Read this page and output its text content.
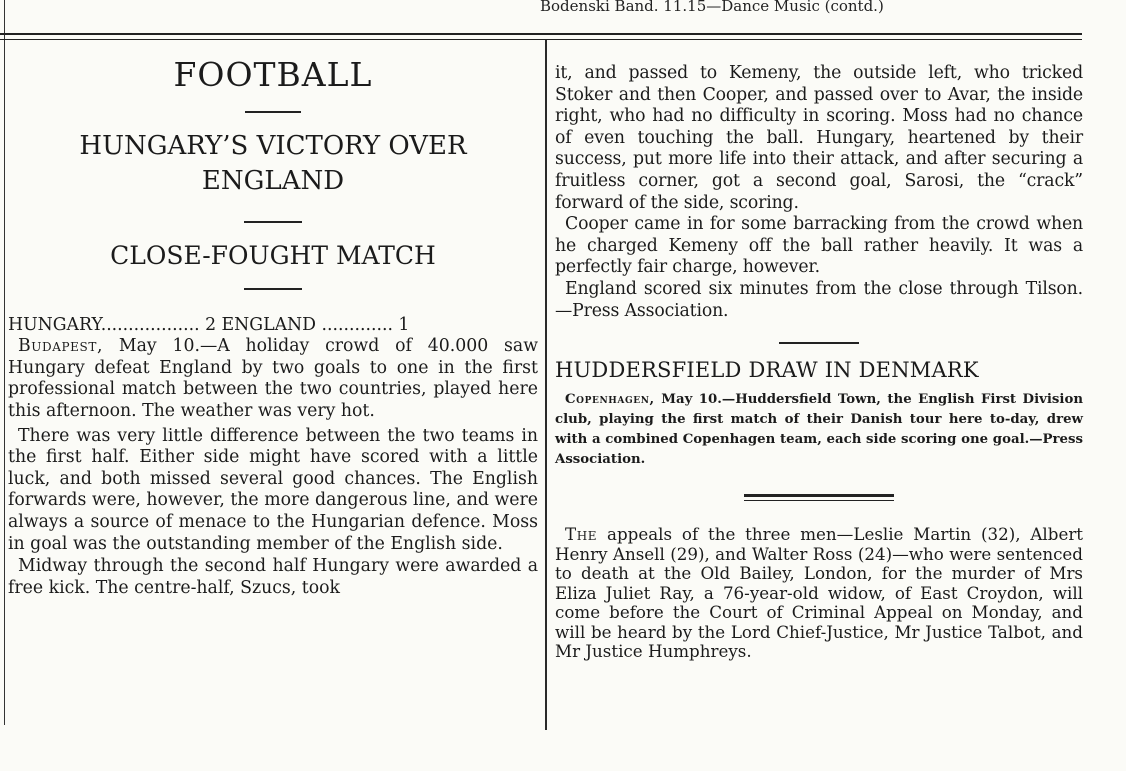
Bodenski Band. 11.15—Dance Music (contd.)
FOOTBALL
HUNGARY’S VICTORY OVER
ENGLAND
CLOSE-FOUGHT MATCH
HUNGARY.................. 2 ENGLAND ............. 1

Budapest, May 10.—A holiday crowd of 40.000 saw Hungary defeat England by two goals to one in the first professional match between the two countries, played here this afternoon. The weather was very hot.

There was very little difference between the two teams in the first half. Either side might have scored with a little luck, and both missed several good chances. The English forwards were, however, the more dangerous line, and were always a source of menace to the Hungarian defence. Moss in goal was the outstanding member of the English side.

Midway through the second half Hungary were awarded a free kick. The centre-half, Szucs, took

it, and passed to Kemeny, the outside left, who tricked Stoker and then Cooper, and passed over to Avar, the inside right, who had no difficulty in scoring. Moss had no chance of even touching the ball. Hungary, heartened by their success, put more life into their attack, and after securing a fruitless corner, got a second goal, Sarosi, the “crack” forward of the side, scoring.

Cooper came in for some barracking from the crowd when he charged Kemeny off the ball rather heavily. It was a perfectly fair charge, however.

England scored six minutes from the close through Tilson.—Press Association.

HUDDERSFIELD DRAW IN DENMARK

Copenhagen, May 10.—Huddersfield Town, the English First Division club, playing the first match of their Danish tour here to-day, drew with a combined Copenhagen team, each side scoring one goal.—Press Association.

The appeals of the three men—Leslie Martin (32), Albert Henry Ansell (29), and Walter Ross (24)—who were sentenced to death at the Old Bailey, London, for the murder of Mrs Eliza Juliet Ray, a 76-year-old widow, of East Croydon, will come before the Court of Criminal Appeal on Monday, and will be heard by the Lord Chief-Justice, Mr Justice Talbot, and Mr Justice Humphreys.
